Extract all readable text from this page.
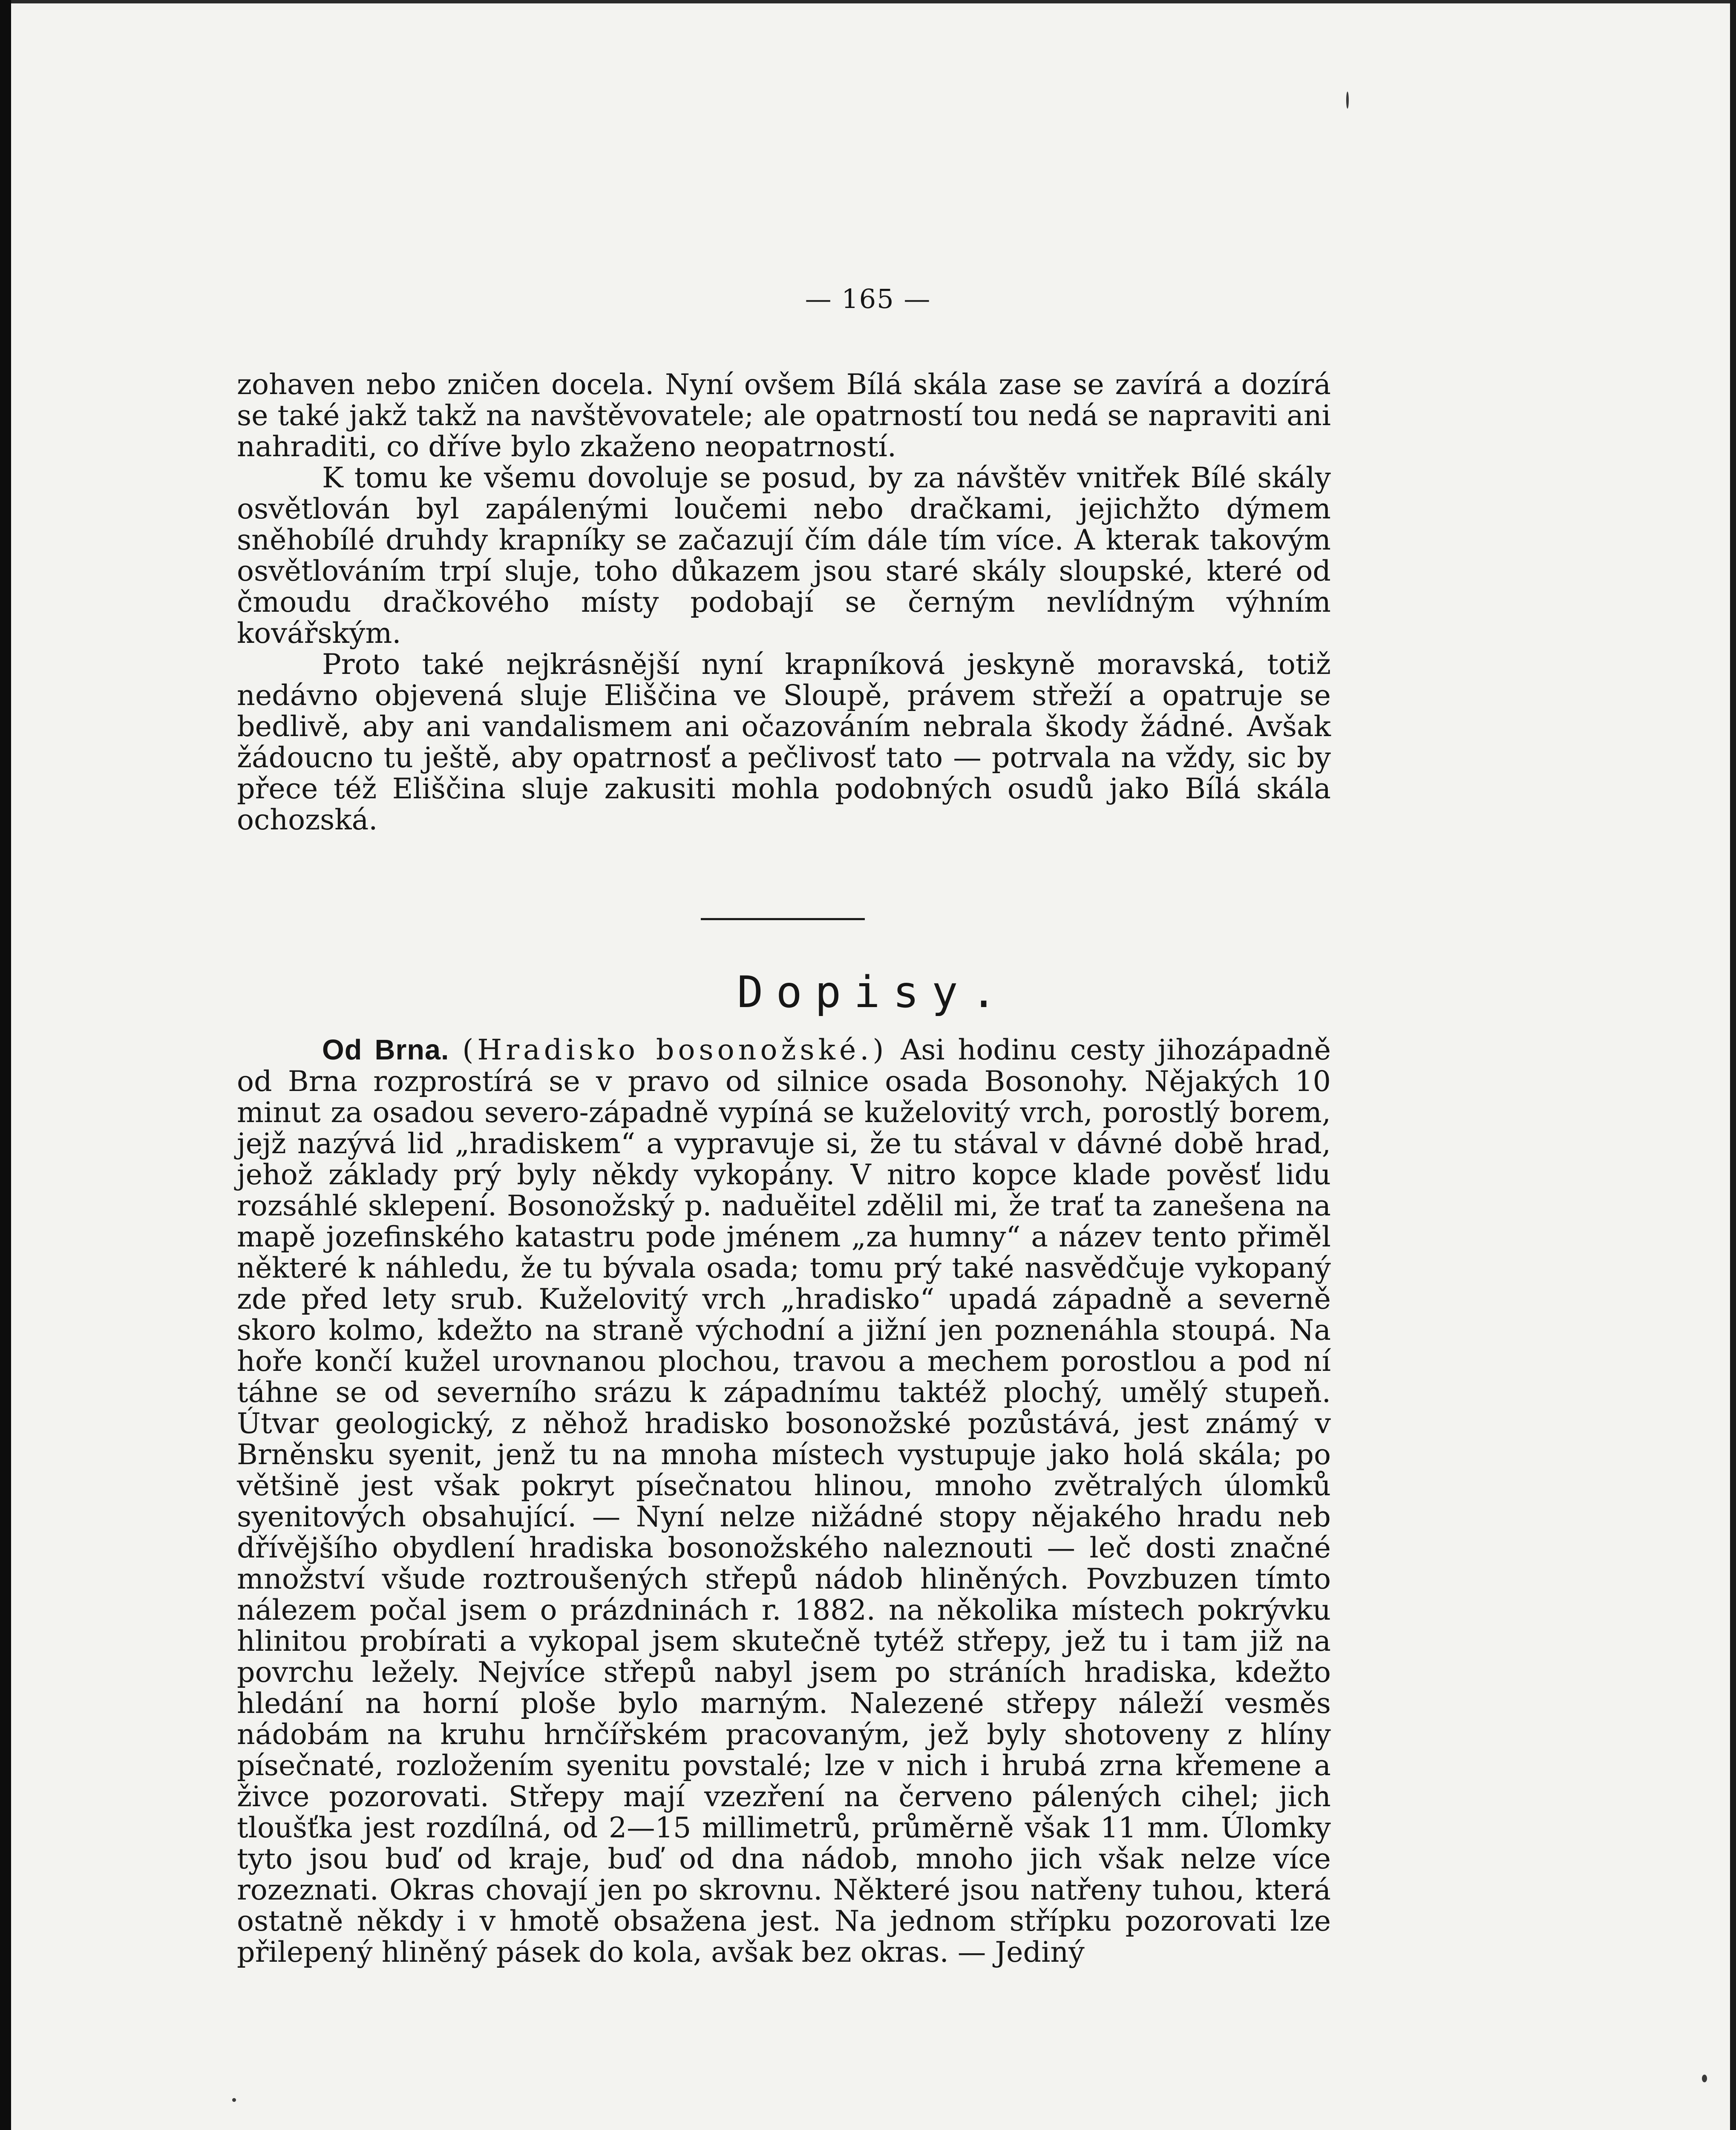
— 165 —

zohaven nebo zničen docela. Nyní ovšem Bílá skála zase se zavírá a dozírá se také jakž takž na navštěvovatele; ale opatrností tou nedá se napraviti ani nahraditi, co dříve bylo zkaženo neopatrností.

K tomu ke všemu dovoluje se posud, by za návštěv vnitřek Bílé skály osvětlován byl zapálenými loučemi nebo dračkami, jejichžto dýmem sněhobílé druhdy krapníky se začazují čím dále tím více. A kterak takovým osvětlováním trpí sluje, toho důkazem jsou staré skály sloupské, které od čmoudu dračkového místy podobají se černým nevlídným výhním kovářským.

Proto také nejkrásnější nyní krapníková jeskyně moravská, totiž nedávno objevená sluje Eliščina ve Sloupě, právem střeží a opatruje se bedlivě, aby ani vandalismem ani očazováním nebrala škody žádné. Avšak žádoucno tu ještě, aby opatrnosť a pečlivosť tato — potrvala na vždy, sic by přece též Eliščina sluje zakusiti mohla podobných osudů jako Bílá skála ochozská.

Dopisy.

Od Brna. (Hradisko bosonožské.) Asi hodinu cesty jihozápadně od Brna rozprostírá se v pravo od silnice osada Bosonohy. Nějakých 10 minut za osadou severo-západně vypíná se kuželovitý vrch, porostlý borem, jejž nazývá lid „hradiskem“ a vypravuje si, že tu stával v dávné době hrad, jehož základy prý byly někdy vykopány. V nitro kopce klade pověsť lidu rozsáhlé sklepení. Bosonožský p. naduěitel zdělil mi, že trať ta zanešena na mapě jozefinského katastru pode jménem „za humny“ a název tento přiměl některé k náhledu, že tu bývala osada; tomu prý také nasvědčuje vykopaný zde před lety srub. Kuželovitý vrch „hradisko“ upadá západně a severně skoro kolmo, kdežto na straně východní a jižní jen poznenáhla stoupá. Na hoře končí kužel urovnanou plochou, travou a mechem porostlou a pod ní táhne se od severního srázu k západnímu taktéž plochý, umělý stupeň. Útvar geologický, z něhož hradisko bosonožské pozůstává, jest známý v Brněnsku syenit, jenž tu na mnoha místech vystupuje jako holá skála; po většině jest však pokryt písečnatou hlinou, mnoho zvětralých úlomků syenitových obsahující. — Nyní nelze nižádné stopy nějakého hradu neb dřívějšího obydlení hradiska bosonožského naleznouti — leč dosti značné množství všude roztroušených střepů nádob hliněných. Povzbuzen tímto nálezem počal jsem o prázdninách r. 1882. na několika místech pokrývku hlinitou probírati a vykopal jsem skutečně tytéž střepy, jež tu i tam již na povrchu ležely. Nejvíce střepů nabyl jsem po stráních hradiska, kdežto hledání na horní ploše bylo marným. Nalezené střepy náleží vesměs nádobám na kruhu hrnčířském pracovaným, jež byly shotoveny z hlíny písečnaté, rozložením syenitu povstalé; lze v nich i hrubá zrna křemene a živce pozorovati. Střepy mají vzezření na červeno pálených cihel; jich tloušťka jest rozdílná, od 2—15 millimetrů, průměrně však 11 mm. Úlomky tyto jsou buď od kraje, buď od dna nádob, mnoho jich však nelze více rozeznati. Okras chovají jen po skrovnu. Některé jsou natřeny tuhou, která ostatně někdy i v hmotě obsažena jest. Na jednom střípku pozorovati lze přilepený hliněný pásek do kola, avšak bez okras. — Jediný
